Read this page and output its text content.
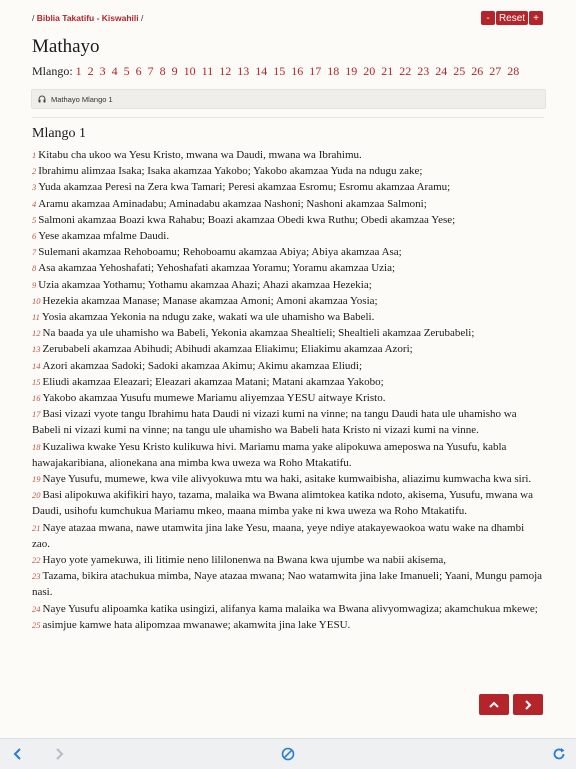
/ Biblia Takatifu - Kiswahili /	- Reset +
Mathayo
Mlango: 1 2 3 4 5 6 7 8 9 10 11 12 13 14 15 16 17 18 19 20 21 22 23 24 25 26 27 28
Mathayo Mlango 1
Mlango 1
1 Kitabu cha ukoo wa Yesu Kristo, mwana wa Daudi, mwana wa Ibrahimu.
2 Ibrahimu alimzaa Isaka; Isaka akamzaa Yakobo; Yakobo akamzaa Yuda na ndugu zake;
3 Yuda akamzaa Peresi na Zera kwa Tamari; Peresi akamzaa Esromu; Esromu akamzaa Aramu;
4 Aramu akamzaa Aminadabu; Aminadabu akamzaa Nashoni; Nashoni akamzaa Salmoni;
5 Salmoni akamzaa Boazi kwa Rahabu; Boazi akamzaa Obedi kwa Ruthu; Obedi akamzaa Yese;
6 Yese akamzaa mfalme Daudi.
7 Sulemani akamzaa Rehoboamu; Rehoboamu akamzaa Abiya; Abiya akamzaa Asa;
8 Asa akamzaa Yehoshafati; Yehoshafati akamzaa Yoramu; Yoramu akamzaa Uzia;
9 Uzia akamzaa Yothamu; Yothamu akamzaa Ahazi; Ahazi akamzaa Hezekia;
10 Hezekia akamzaa Manase; Manase akamzaa Amoni; Amoni akamzaa Yosia;
11 Yosia akamzaa Yekonia na ndugu zake, wakati wa ule uhamisho wa Babeli.
12 Na baada ya ule uhamisho wa Babeli, Yekonia akamzaa Shealtieli; Shealtieli akamzaa Zerubabeli;
13 Zerubabeli akamzaa Abihudi; Abihudi akamzaa Eliakimu; Eliakimu akamzaa Azori;
14 Azori akamzaa Sadoki; Sadoki akamzaa Akimu; Akimu akamzaa Eliudi;
15 Eliudi akamzaa Eleazari; Eleazari akamzaa Matani; Matani akamzaa Yakobo;
16 Yakobo akamzaa Yusufu mumewe Mariamu aliyemzaa YESU aitwaye Kristo.
17 Basi vizazi vyote tangu Ibrahimu hata Daudi ni vizazi kumi na vinne; na tangu Daudi hata ule uhamisho wa Babeli ni vizazi kumi na vinne; na tangu ule uhamisho wa Babeli hata Kristo ni vizazi kumi na vinne.
18 Kuzaliwa kwake Yesu Kristo kulikuwa hivi. Mariamu mama yake alipokuwa ameposwa na Yusufu, kabla hawajakaribiana, alionekana ana mimba kwa uweza wa Roho Mtakatifu.
19 Naye Yusufu, mumewe, kwa vile alivyokuwa mtu wa haki, asitake kumwaibisha, aliazimu kumwacha kwa siri.
20 Basi alipokuwa akifikiri hayo, tazama, malaika wa Bwana alimtokea katika ndoto, akisema, Yusufu, mwana wa Daudi, usihofu kumchukua Mariamu mkeo, maana mimba yake ni kwa uweza wa Roho Mtakatifu.
21 Naye atazaa mwana, nawe utamwita jina lake Yesu, maana, yeye ndiye atakayewaokoa watu wake na dhambi zao.
22 Hayo yote yamekuwa, ili litimie neno lililonenwa na Bwana kwa ujumbe wa nabii akisema,
23 Tazama, bikira atachukua mimba, Naye atazaa mwana; Nao watamwita jina lake Imanueli; Yaani, Mungu pamoja nasi.
24 Naye Yusufu alipoamka katika usingizi, alifanya kama malaika wa Bwana alivyomwagiza; akamchukua mkewe;
25 asimjue kamwe hata alipomzaa mwanawe; akamwita jina lake YESU.
